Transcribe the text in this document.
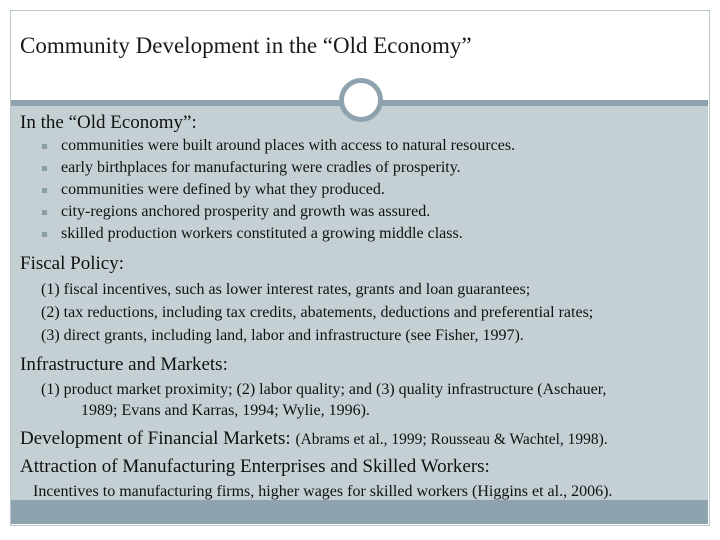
Community Development in the “Old Economy”
In the “Old Economy”:
communities were built around places with access to natural resources.
early birthplaces for manufacturing were cradles of prosperity.
communities were defined by what they produced.
city-regions anchored prosperity and growth was assured.
skilled production workers constituted a growing middle class.
Fiscal Policy:
(1) fiscal incentives, such as lower interest rates, grants and loan guarantees;
(2) tax reductions, including tax credits, abatements, deductions and preferential rates;
(3) direct grants, including land, labor and infrastructure (see Fisher, 1997).
Infrastructure and Markets:
(1) product market proximity; (2) labor quality; and (3) quality infrastructure (Aschauer,
1989; Evans and Karras, 1994; Wylie, 1996).
Development of Financial Markets: (Abrams et al., 1999; Rousseau & Wachtel, 1998).
Attraction of Manufacturing Enterprises and Skilled Workers:
Incentives to manufacturing firms, higher wages for skilled workers (Higgins et al., 2006).
